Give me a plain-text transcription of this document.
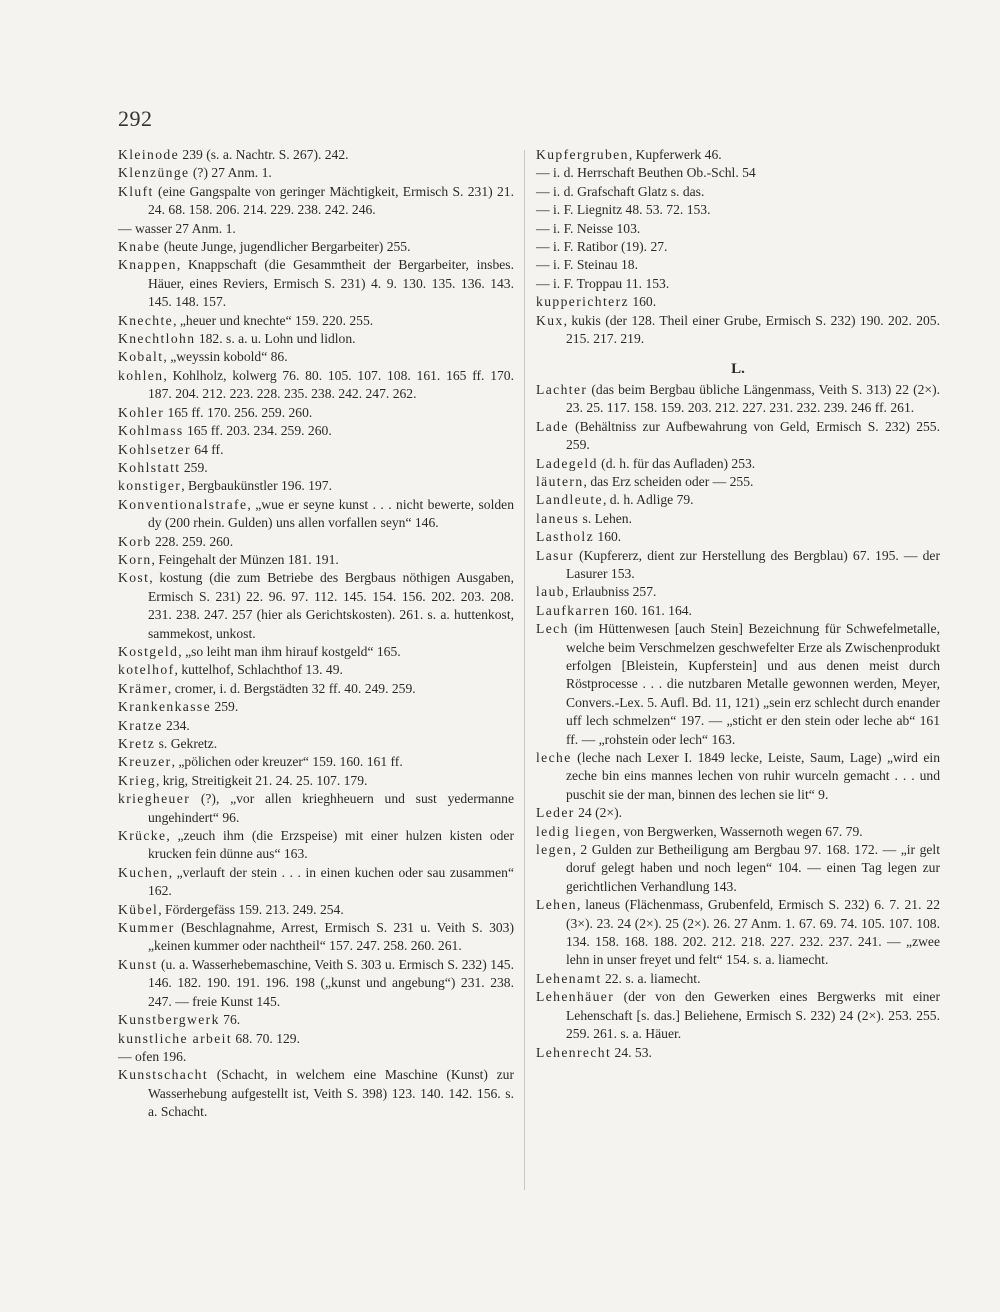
292

Kleinode 239 (s. a. Nachtr. S. 267). 242.

Klenzünge (?) 27 Anm. 1.

Kluft (eine Gangspalte von geringer Mächtigkeit, Ermisch S. 231) 21. 24. 68. 158. 206. 214. 229. 238. 242. 246.

— wasser 27 Anm. 1.

Knabe (heute Junge, jugendlicher Bergarbeiter) 255.

Knappen, Knappschaft (die Gesammtheit der Bergarbeiter, insbes. Häuer, eines Reviers, Ermisch S. 231) 4. 9. 130. 135. 136. 143. 145. 148. 157.

Knechte, „heuer und knechte“ 159. 220. 255.

Knechtlohn 182. s. a. u. Lohn und lidlon.

Kobalt, „weyssin kobold“ 86.

kohlen, Kohlholz, kolwerg 76. 80. 105. 107. 108. 161. 165 ff. 170. 187. 204. 212. 223. 228. 235. 238. 242. 247. 262.

Kohler 165 ff. 170. 256. 259. 260.

Kohlmass 165 ff. 203. 234. 259. 260.

Kohlsetzer 64 ff.

Kohlstatt 259.

konstiger, Bergbaukünstler 196. 197.

Konventionalstrafe, „wue er seyne kunst . . . nicht bewerte, solden dy (200 rhein. Gulden) uns allen vorfallen seyn“ 146.

Korb 228. 259. 260.

Korn, Feingehalt der Münzen 181. 191.

Kost, kostung (die zum Betriebe des Bergbaus nöthigen Ausgaben, Ermisch S. 231) 22. 96. 97. 112. 145. 154. 156. 202. 203. 208. 231. 238. 247. 257 (hier als Gerichtskosten). 261. s. a. huttenkost, sammekost, unkost.

Kostgeld, „so leiht man ihm hirauf kostgeld“ 165.

kotelhof, kuttelhof, Schlachthof 13. 49.

Krämer, cromer, i. d. Bergstädten 32 ff. 40. 249. 259.

Krankenkasse 259.

Kratze 234.

Kretz s. Gekretz.

Kreuzer, „pölichen oder kreuzer“ 159. 160. 161 ff.

Krieg, krig, Streitigkeit 21. 24. 25. 107. 179.

kriegheuer (?), „vor allen krieghheuern und sust yedermanne ungehindert“ 96.

Krücke, „zeuch ihm (die Erzspeise) mit einer hulzen kisten oder krucken fein dünne aus“ 163.

Kuchen, „verlauft der stein . . . in einen kuchen oder sau zusammen“ 162.

Kübel, Fördergefäss 159. 213. 249. 254.

Kummer (Beschlagnahme, Arrest, Ermisch S. 231 u. Veith S. 303) „keinen kummer oder nachtheil“ 157. 247. 258. 260. 261.

Kunst (u. a. Wasserhebemaschine, Veith S. 303 u. Ermisch S. 232) 145. 146. 182. 190. 191. 196. 198 („kunst und angebung“) 231. 238. 247. — freie Kunst 145.

Kunstbergwerk 76.

kunstliche arbeit 68. 70. 129.

— ofen 196.

Kunstschacht (Schacht, in welchem eine Maschine (Kunst) zur Wasserhebung aufgestellt ist, Veith S. 398) 123. 140. 142. 156. s. a. Schacht.

Kupfergruben, Kupferwerk 46.

— i. d. Herrschaft Beuthen Ob.-Schl. 54

— i. d. Grafschaft Glatz s. das.

— i. F. Liegnitz 48. 53. 72. 153.

— i. F. Neisse 103.

— i. F. Ratibor (19). 27.

— i. F. Steinau 18.

— i. F. Troppau 11. 153.

kupperichterz 160.

Kux, kukis (der 128. Theil einer Grube, Ermisch S. 232) 190. 202. 205. 215. 217. 219.

L.

Lachter (das beim Bergbau übliche Längenmass, Veith S. 313) 22 (2×). 23. 25. 117. 158. 159. 203. 212. 227. 231. 232. 239. 246 ff. 261.

Lade (Behältniss zur Aufbewahrung von Geld, Ermisch S. 232) 255. 259.

Ladegeld (d. h. für das Aufladen) 253.

läutern, das Erz scheiden oder — 255.

Landleute, d. h. Adlige 79.

laneus s. Lehen.

Lastholz 160.

Lasur (Kupfererz, dient zur Herstellung des Bergblau) 67. 195. — der Lasurer 153.

laub, Erlaubniss 257.

Laufkarren 160. 161. 164.

Lech (im Hüttenwesen [auch Stein] Bezeichnung für Schwefelmetalle, welche beim Verschmelzen geschwefelter Erze als Zwischenprodukt erfolgen [Bleistein, Kupferstein] und aus denen meist durch Röstprocesse . . . die nutzbaren Metalle gewonnen werden, Meyer, Convers.-Lex. 5. Aufl. Bd. 11, 121) „sein erz schlecht durch enander uff lech schmelzen“ 197. — „sticht er den stein oder leche ab“ 161 ff. — „rohstein oder lech“ 163.

leche (leche nach Lexer I. 1849 lecke, Leiste, Saum, Lage) „wird ein zeche bin eins mannes lechen von ruhir wurceln gemacht . . . und puschit sie der man, binnen des lechen sie lit“ 9.

Leder 24 (2×).

ledig liegen, von Bergwerken, Wassernoth wegen 67. 79.

legen, 2 Gulden zur Betheiligung am Bergbau 97. 168. 172. — „ir gelt doruf gelegt haben und noch legen“ 104. — einen Tag legen zur gerichtlichen Verhandlung 143.

Lehen, laneus (Flächenmass, Grubenfeld, Ermisch S. 232) 6. 7. 21. 22 (3×). 23. 24 (2×). 25 (2×). 26. 27 Anm. 1. 67. 69. 74. 105. 107. 108. 134. 158. 168. 188. 202. 212. 218. 227. 232. 237. 241. — „zwee lehn in unser freyet und felt“ 154. s. a. liamecht.

Lehenamt 22. s. a. liamecht.

Lehenhäuer (der von den Gewerken eines Bergwerks mit einer Lehenschaft [s. das.] Beliehene, Ermisch S. 232) 24 (2×). 253. 255. 259. 261. s. a. Häuer.

Lehenrecht 24. 53.
